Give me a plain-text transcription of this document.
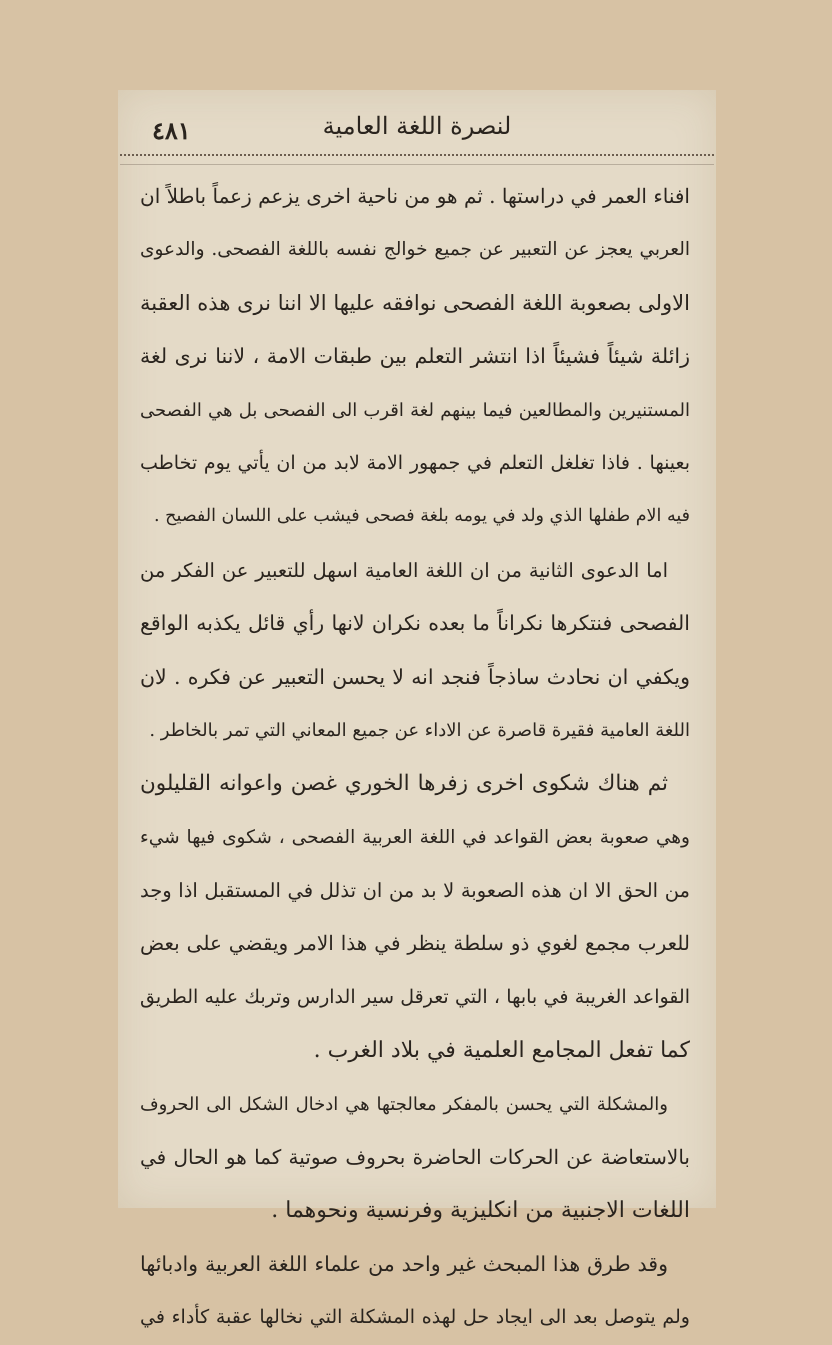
لنصرة اللغة العامية
٤٨١
افناء العمر في دراستها . ثم هو من ناحية اخرى يزعم زعماً باطلاً ان
العربي يعجز عن التعبير عن جميع خوالج نفسه باللغة الفصحى. والدعوى
الاولى بصعوبة اللغة الفصحى نوافقه عليها الا اننا نرى هذه العقبة
زائلة شيئاً فشيئاً اذا انتشر التعلم بين طبقات الامة ، لاننا نرى لغة
المستنيرين والمطالعين فيما بينهم لغة اقرب الى الفصحى بل هي الفصحى
بعينها . فاذا تغلغل التعلم في جمهور الامة لابد من ان يأتي يوم تخاطب
فيه الام طفلها الذي ولد في يومه بلغة فصحى فيشب على اللسان الفصيح .
اما الدعوى الثانية من ان اللغة العامية اسهل للتعبير عن الفكر من
الفصحى فنتكرها نكراناً ما بعده نكران لانها رأي قائل يكذبه الواقع
ويكفي ان نحادث ساذجاً فنجد انه لا يحسن التعبير عن فكره . لان
اللغة العامية فقيرة قاصرة عن الاداء عن جميع المعاني التي تمر بالخاطر .
ثم هناك شكوى اخرى زفرها الخوري غصن واعوانه القليلون
وهي صعوبة بعض القواعد في اللغة العربية الفصحى ، شكوى فيها شيء
من الحق الا ان هذه الصعوبة لا بد من ان تذلل في المستقبل اذا وجد
للعرب مجمع لغوي ذو سلطة ينظر في هذا الامر ويقضي على بعض
القواعد الغريبة في بابها ، التي تعرقل سير الدارس وتربك عليه الطريق
كما تفعل المجامع العلمية في بلاد الغرب .
والمشكلة التي يحسن بالمفكر معالجتها هي ادخال الشكل الى الحروف
بالاستعاضة عن الحركات الحاضرة بحروف صوتية كما هو الحال في
اللغات الاجنبية من انكليزية وفرنسية ونحوهما .
وقد طرق هذا المبحث غير واحد من علماء اللغة العربية وادبائها
ولم يتوصل بعد الى ايجاد حل لهذه المشكلة التي نخالها عقبة كأداء في
